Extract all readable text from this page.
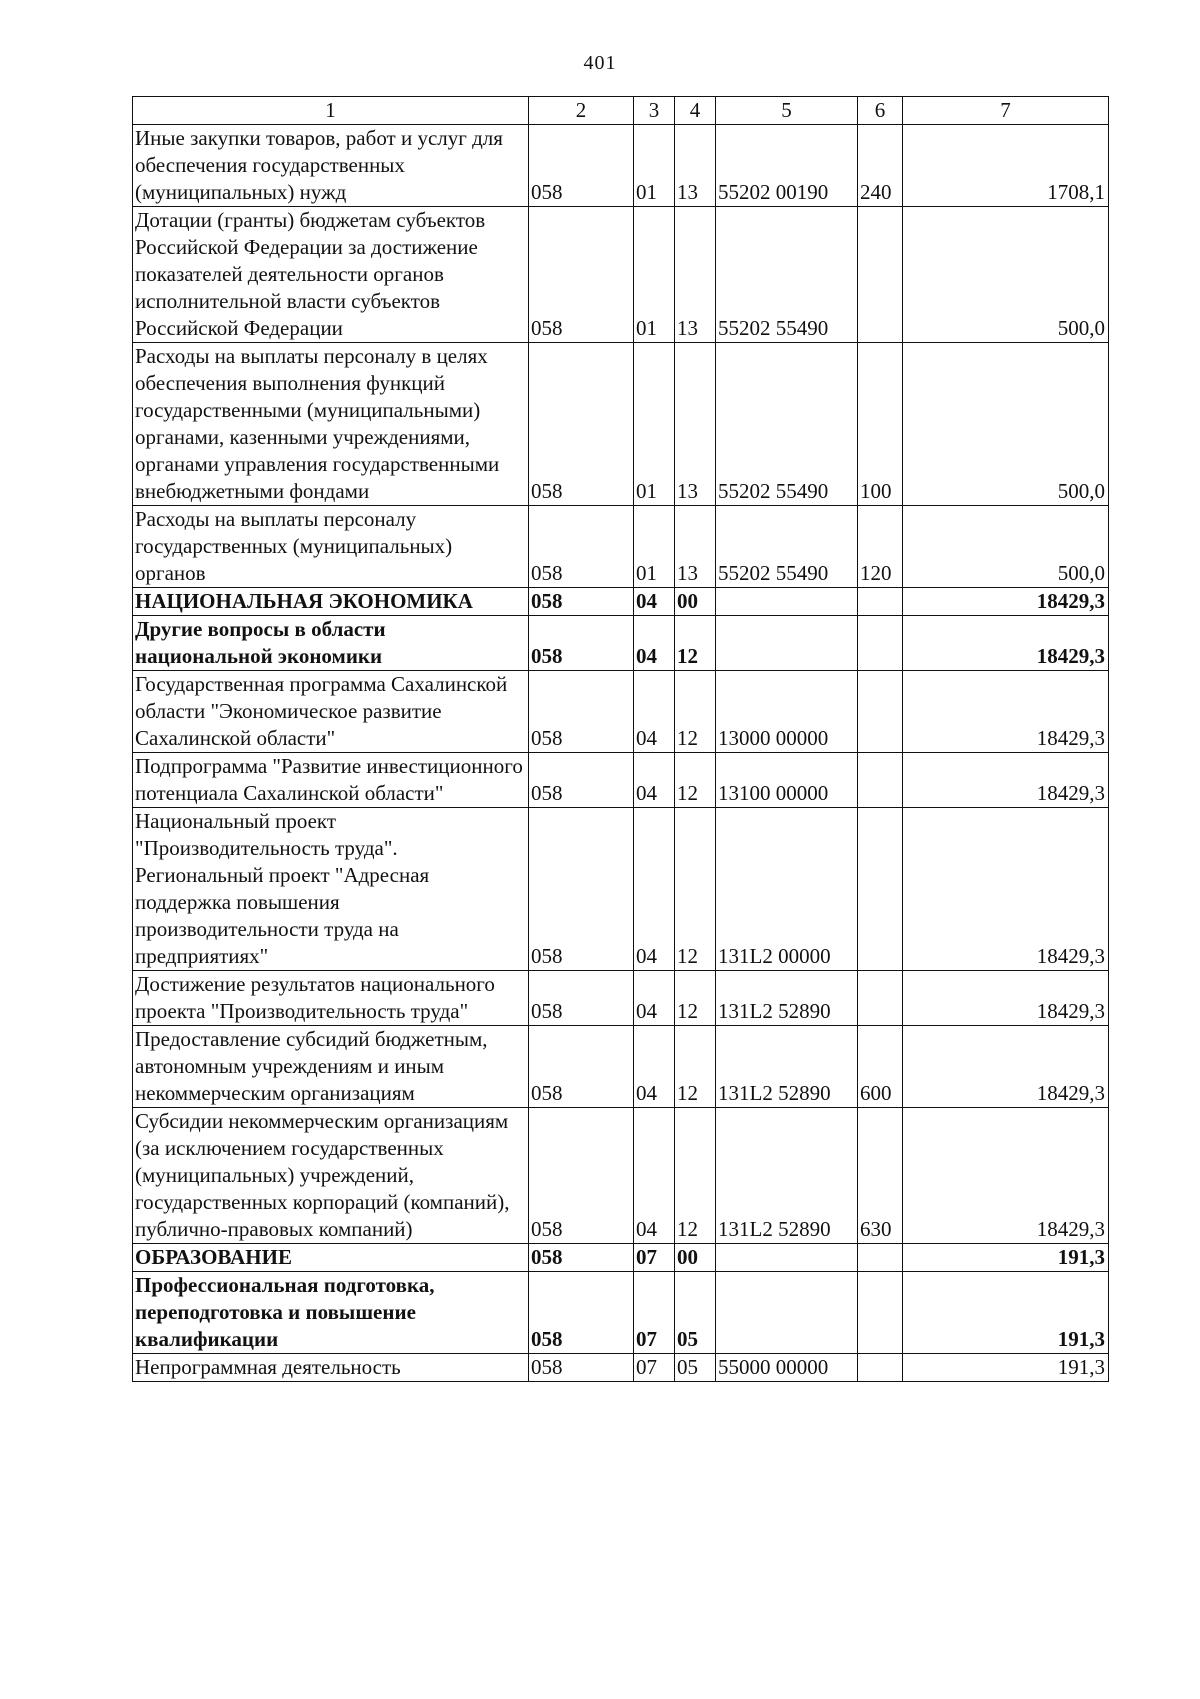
401
1	2	3	4	5	6	7
Иные закупки товаров, работ и услуг для обеспечения государственных (муниципальных) нужд	058	01	13	55202 00190	240	1708,1
Дотации (гранты) бюджетам субъектов Российской Федерации за достижение показателей деятельности органов исполнительной власти субъектов Российской Федерации	058	01	13	55202 55490		500,0
Расходы на выплаты персоналу в целях обеспечения выполнения функций государственными (муниципальными) органами, казенными учреждениями, органами управления государственными внебюджетными фондами	058	01	13	55202 55490	100	500,0
Расходы на выплаты персоналу государственных (муниципальных) органов	058	01	13	55202 55490	120	500,0
НАЦИОНАЛЬНАЯ ЭКОНОМИКА	058	04	00			18429,3
Другие вопросы в области национальной экономики	058	04	12			18429,3
Государственная программа Сахалинской области "Экономическое развитие Сахалинской области"	058	04	12	13000 00000		18429,3
Подпрограмма "Развитие инвестиционного потенциала Сахалинской области"	058	04	12	13100 00000		18429,3
Национальный проект "Производительность труда". Региональный проект "Адресная поддержка повышения производительности труда на предприятиях"	058	04	12	131L2 00000		18429,3
Достижение результатов национального проекта "Производительность труда"	058	04	12	131L2 52890		18429,3
Предоставление субсидий бюджетным, автономным учреждениям и иным некоммерческим организациям	058	04	12	131L2 52890	600	18429,3
Субсидии некоммерческим организациям (за исключением государственных (муниципальных) учреждений, государственных корпораций (компаний), публично-правовых компаний)	058	04	12	131L2 52890	630	18429,3
ОБРАЗОВАНИЕ	058	07	00			191,3
Профессиональная подготовка, переподготовка и повышение квалификации	058	07	05			191,3
Непрограммная деятельность	058	07	05	55000 00000		191,3
